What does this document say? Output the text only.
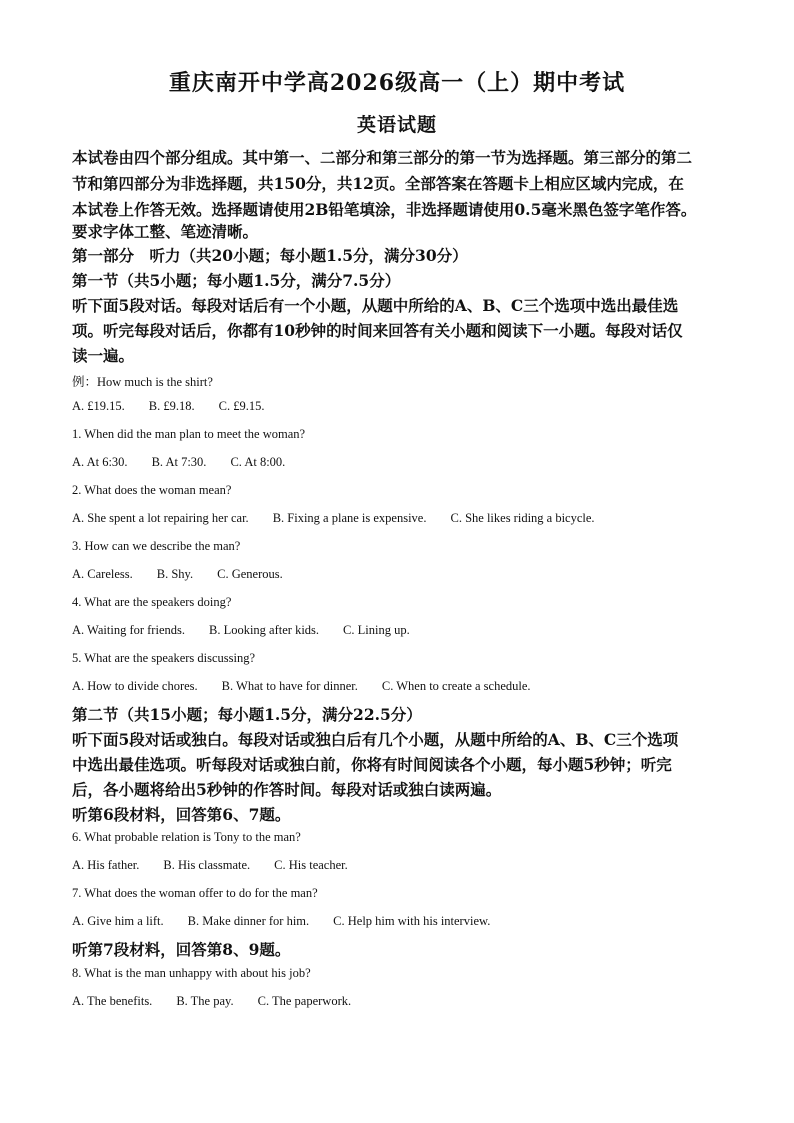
重庆南开中学高2026级高一（上）期中考试
英语试题
本试卷由四个部分组成。其中第一、二部分和第三部分的第一节为选择题。第三部分的第二
节和第四部分为非选择题，共150分，共12页。全部答案在答题卡上相应区域内完成，在
本试卷上作答无效。选择题请使用2B铅笔填涂，非选择题请使用0.5毫米黑色签字笔作答。
要求字体工整、笔迹清晰。
第一部分　听力（共20小题；每小题1.5分，满分30分）
第一节（共5小题；每小题1.5分，满分7.5分）
听下面5段对话。每段对话后有一个小题，从题中所给的A、B、C三个选项中选出最佳选
项。听完每段对话后，你都有10秒钟的时间来回答有关小题和阅读下一小题。每段对话仅
读一遍。
例：How much is the shirt?
A. £19.15. B. £9.18. C. £9.15.
1. When did the man plan to meet the woman?
A. At 6:30. B. At 7:30. C. At 8:00.
2. What does the woman mean?
A. She spent a lot repairing her car. B. Fixing a plane is expensive. C. She likes riding a bicycle.
3. How can we describe the man?
A. Careless. B. Shy. C. Generous.
4. What are the speakers doing?
A. Waiting for friends. B. Looking after kids. C. Lining up.
5. What are the speakers discussing?
A. How to divide chores. B. What to have for dinner. C. When to create a schedule.
第二节（共15小题；每小题1.5分，满分22.5分）
听下面5段对话或独白。每段对话或独白后有几个小题，从题中所给的A、B、C三个选项
中选出最佳选项。听每段对话或独白前，你将有时间阅读各个小题，每小题5秒钟；听完
后，各小题将给出5秒钟的作答时间。每段对话或独白读两遍。
听第6段材料，回答第6、7题。
6. What probable relation is Tony to the man?
A. His father. B. His classmate. C. His teacher.
7. What does the woman offer to do for the man?
A. Give him a lift. B. Make dinner for him. C. Help him with his interview.
听第7段材料，回答第8、9题。
8. What is the man unhappy with about his job?
A. The benefits. B. The pay. C. The paperwork.
